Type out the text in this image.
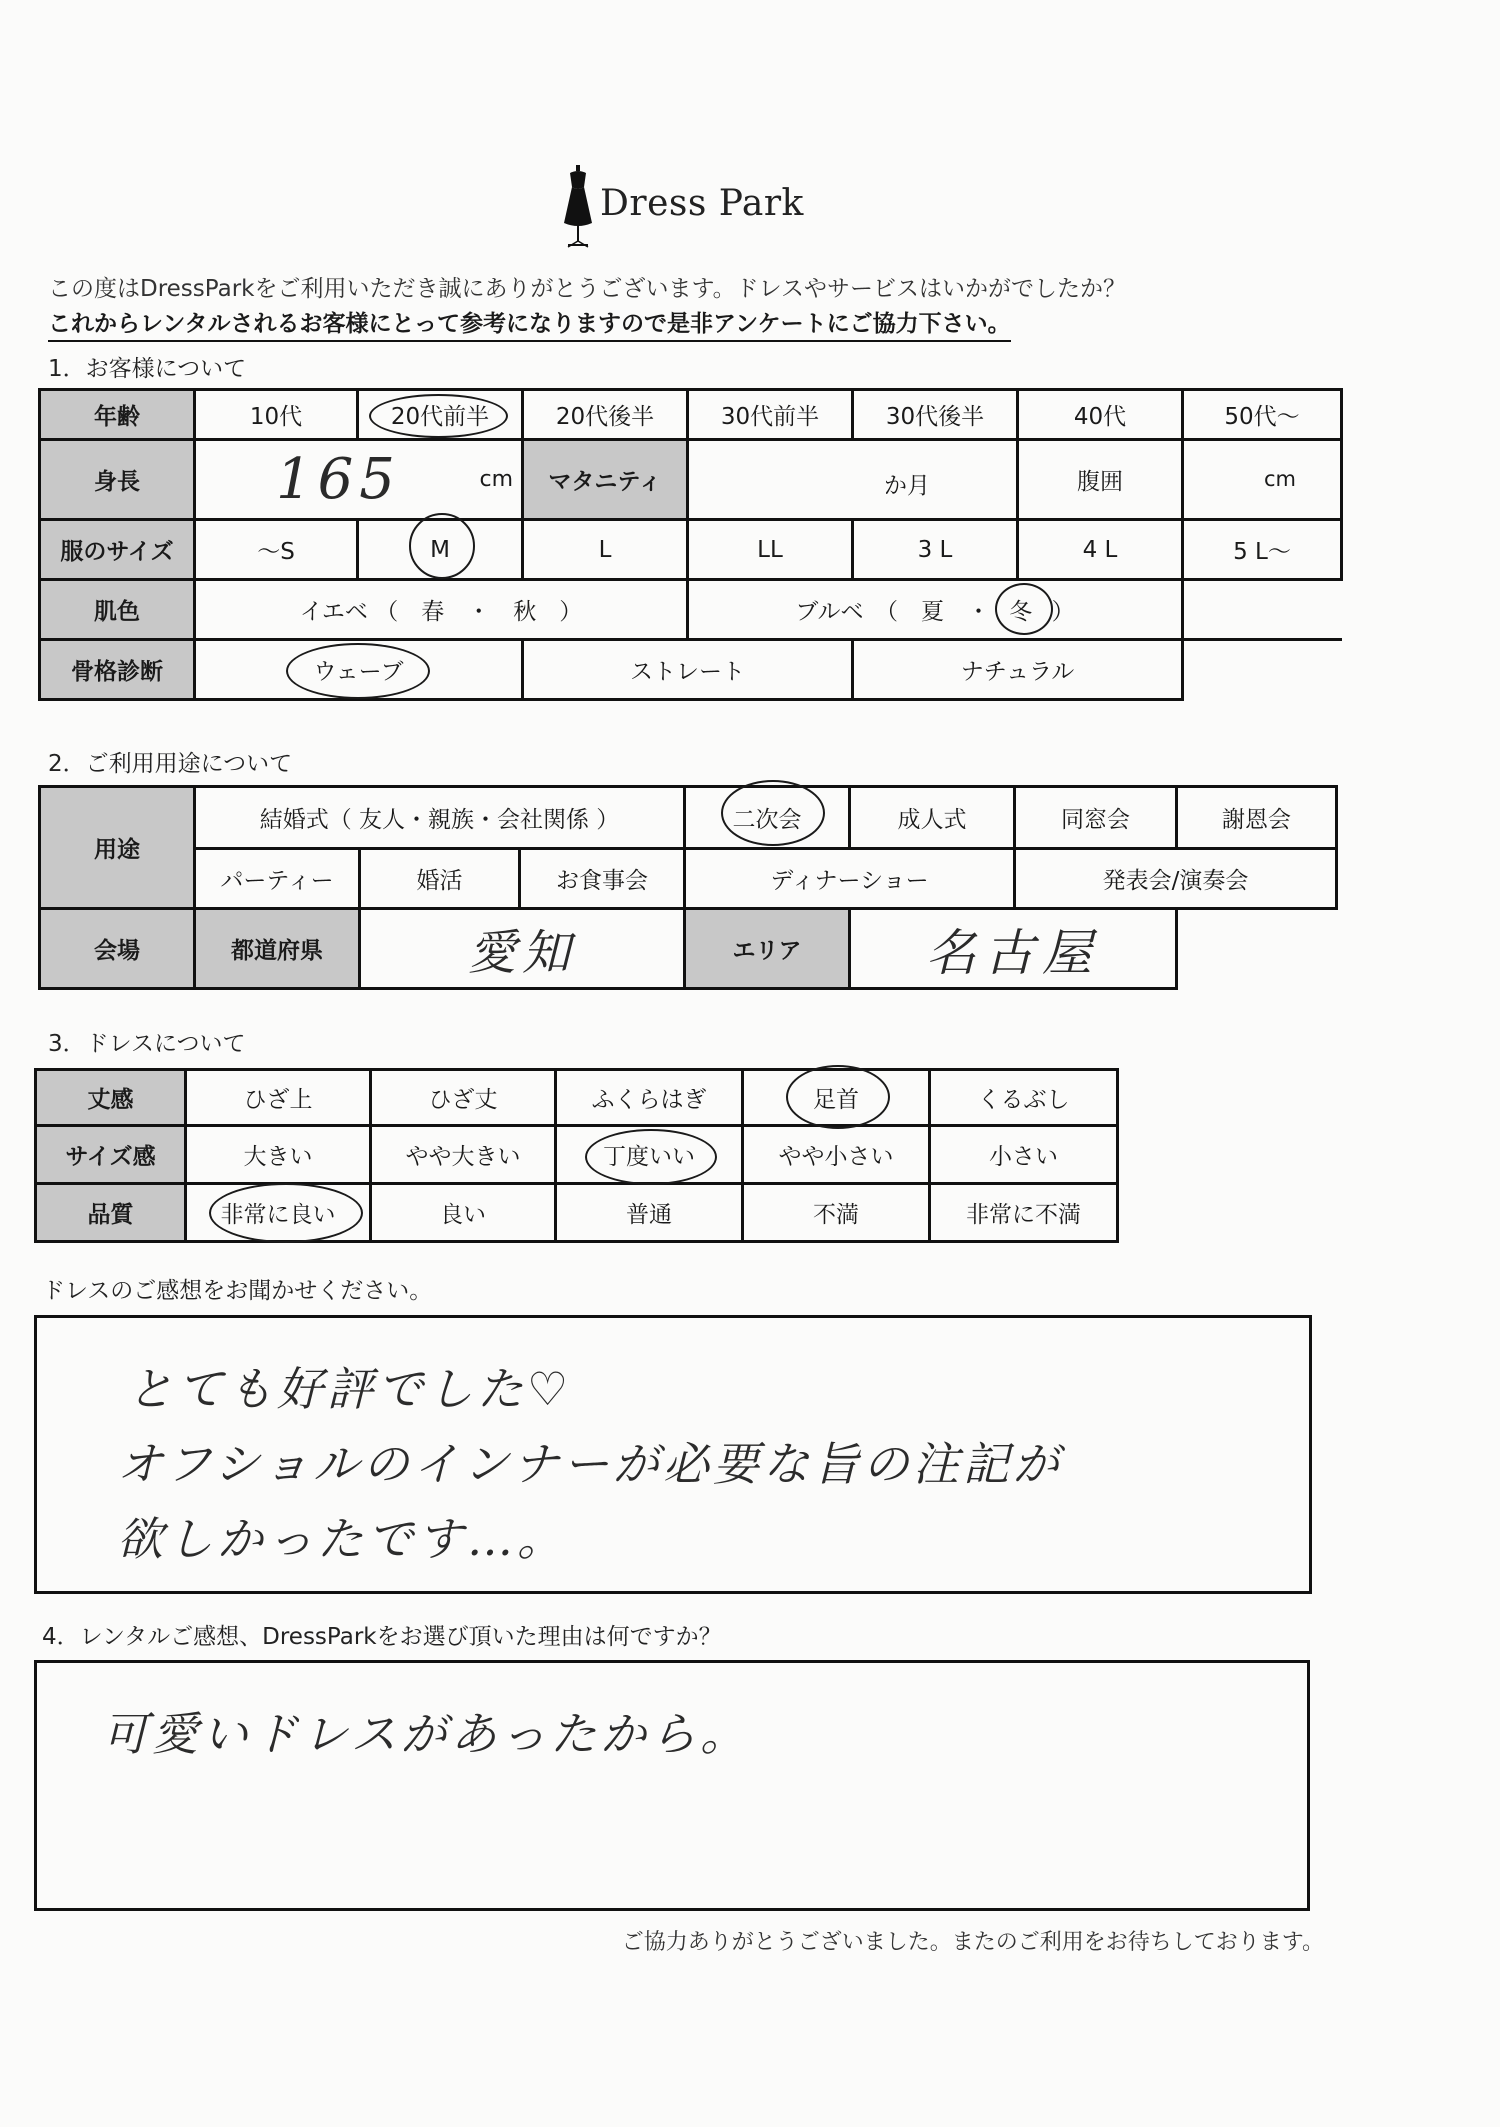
Dress Park
この度はDressParkをご利用いただき誠にありがとうございます。ドレスやサービスはいかがでしたか？
これからレンタルされるお客様にとって参考になりますので是非アンケートにご協力下さい。
1．お客様について
年齢	10代	20代前半	20代後半	30代前半	30代後半	40代	50代〜
身長	165 cm		マタニティ	か月		腹囲	cm

服のサイズ	〜S	M	L	LL	3 L	4 L	5 L〜
肌色	イエベ （　春　・　秋　）			ブルベ　（　夏　・ 冬 ）			
骨格診断	ウェーブ		ストレート		ナチュラル		
2．ご利用用途について
用途	結婚式（ 友人・親族・会社関係 ）			二次会	成人式	同窓会	謝恩会
	パーティー	婚活	お食事会	ディナーショー		発表会/演奏会	
会場	都道府県	愛知		エリア	名古屋		
3．ドレスについて
丈感	ひざ上	ひざ丈	ふくらはぎ	足首	くるぶし
サイズ感	大きい	やや大きい	丁度いい	やや小さい	小さい
品質	非常に良い	良い	普通	不満	非常に不満
ドレスのご感想をお聞かせください。
とても好評でした♡
オフショルのインナーが必要な旨の注記が
欲しかったです…。
4．レンタルご感想、DressParkをお選び頂いた理由は何ですか？
可愛いドレスがあったから。
ご協力ありがとうございました。またのご利用をお待ちしております。
